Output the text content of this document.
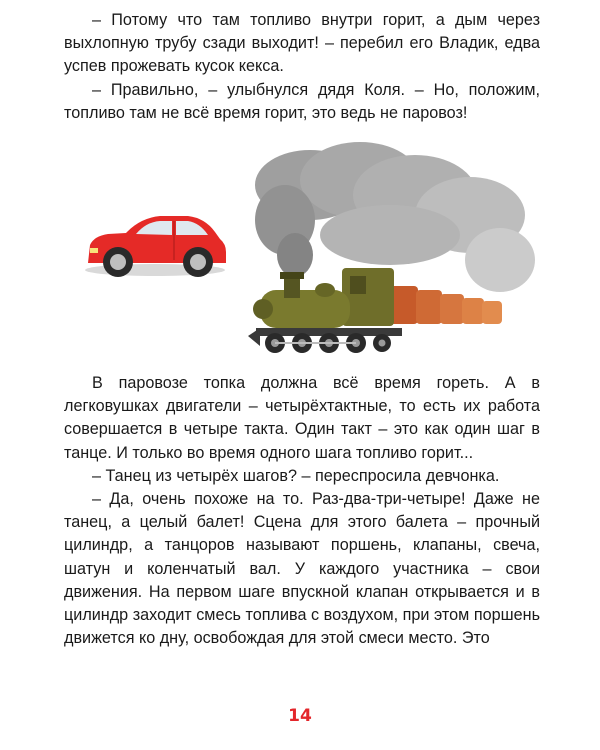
– Потому что там топливо внутри горит, а дым через выхлопную трубу сзади выходит! – перебил его Владик, едва успев прожевать кусок кекса.

– Правильно, – улыбнулся дядя Коля. – Но, положим, топливо там не всё время горит, это ведь не паровоз!

В паровозе топка должна всё время гореть. А в легковушках двигатели – четырёхтактные, то есть их работа совершается в четыре такта. Один такт – это как один шаг в танце. И только во время одного шага топливо горит...

– Танец из четырёх шагов? – переспросила девчонка.

– Да, очень похоже на то. Раз-два-три-четыре! Даже не танец, а целый балет! Сцена для этого балета – прочный цилиндр, а танцоров называют поршень, клапаны, свеча, шатун и коленчатый вал. У каждого участника – свои движения. На первом шаге впускной клапан открывается и в цилиндр заходит смесь топлива с воздухом, при этом поршень движется ко дну, освобождая для этой смеси место. Это

14
